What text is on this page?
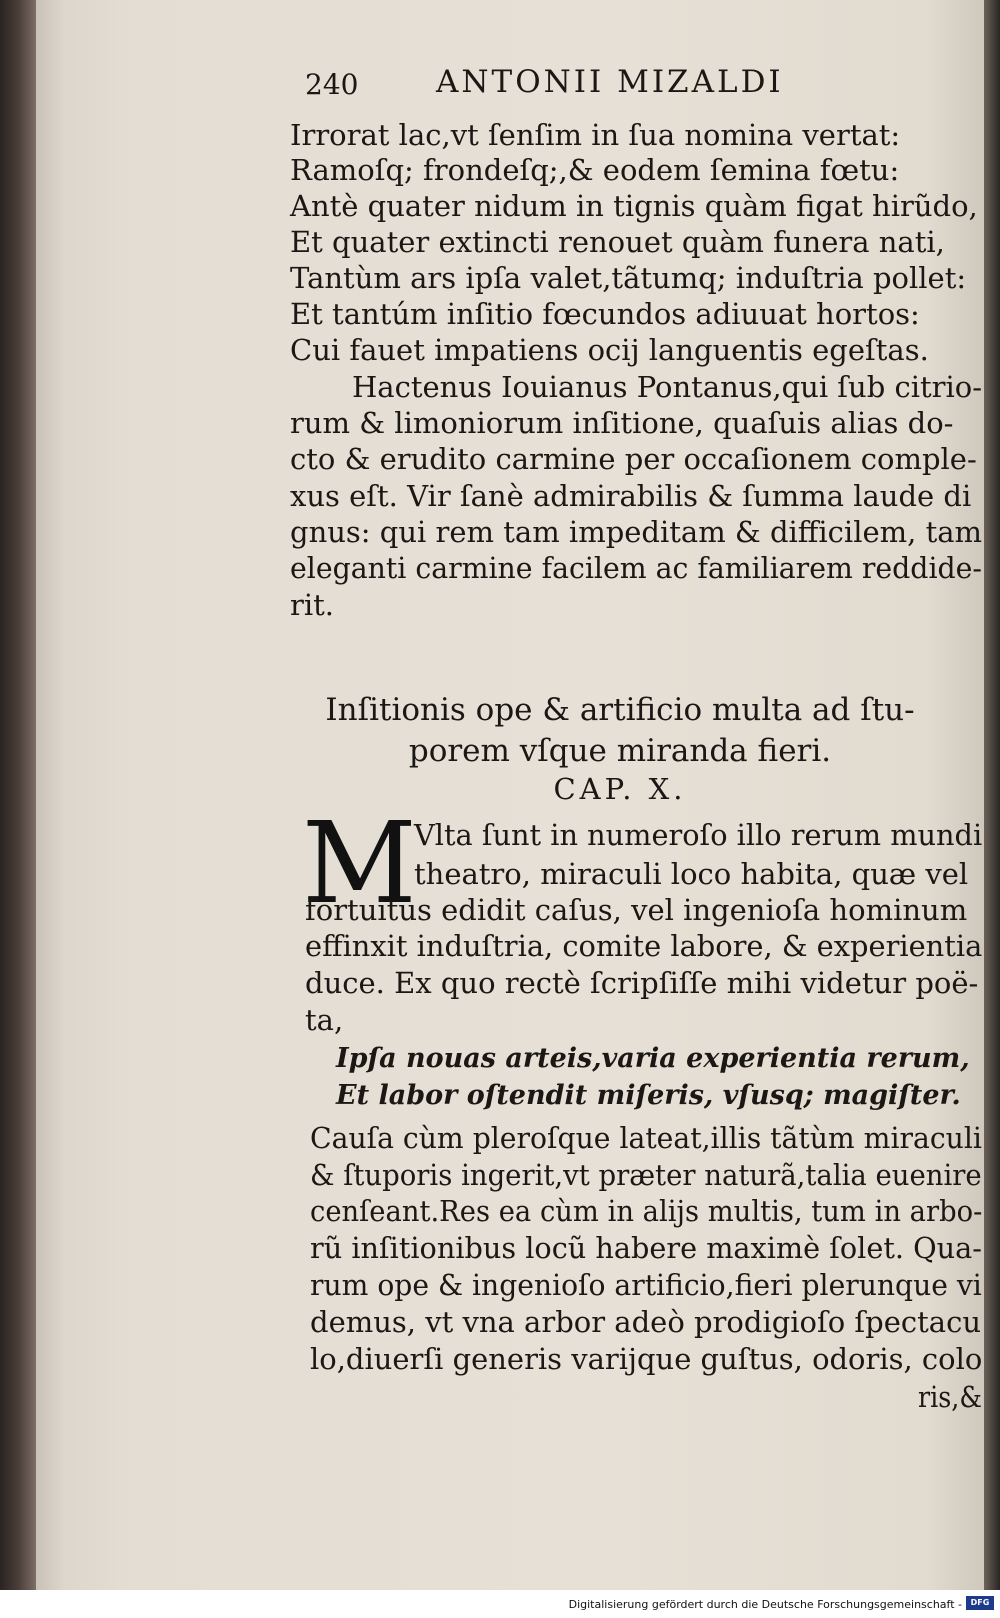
240	ANTONII MIZALDI
Irrorat lac,vt ſenſim in ſua nomina vertat:
Ramoſq; frondeſq;,& eodem ſemina fœtu:
Antè quater nidum in tignis quàm figat hirũdo,
Et quater extincti renouet quàm funera nati,
Tantùm ars ipſa valet,tãtumq; induſtria pollet:
Et tantúm inſitio fœcundos adiuuat hortos:
Cui fauet impatiens ocij languentis egeſtas.
Hactenus Iouianus Pontanus,qui ſub citrio-
rum & limoniorum inſitione, quaſuis alias do-
cto & erudito carmine per occaſionem comple-
xus eſt. Vir ſanè admirabilis & ſumma laude di
gnus: qui rem tam impeditam & difficilem, tam
eleganti carmine facilem ac familiarem reddide-
rit.
Inſitionis ope & artificio multa ad ſtu-
porem vſque miranda fieri.
CAP. X.
M
Vlta ſunt in numeroſo illo rerum mundi
theatro, miraculi loco habita, quæ vel
fortuitus edidit caſus, vel ingenioſa hominum
effinxit induſtria, comite labore, & experientia
duce. Ex quo rectè ſcripſiſſe mihi videtur poë-
ta,
Ipſa nouas arteis,varia experientia rerum,
Et labor oſtendit miſeris, vſusq; magiſter.
Cauſa cùm pleroſque lateat,illis tãtùm miraculi
& ſtuporis ingerit,vt præter naturã,talia euenire
cenſeant.Res ea cùm in alijs multis, tum in arbo-
rũ inſitionibus locũ habere maximè ſolet. Qua-
rum ope & ingenioſo artificio,fieri plerunque vi
demus, vt vna arbor adeò prodigioſo ſpectacu
lo,diuerſi generis varijque guſtus, odoris, colo
ris,&
Digitalisierung gefördert durch die Deutsche Forschungsgemeinschaft -	DFG
